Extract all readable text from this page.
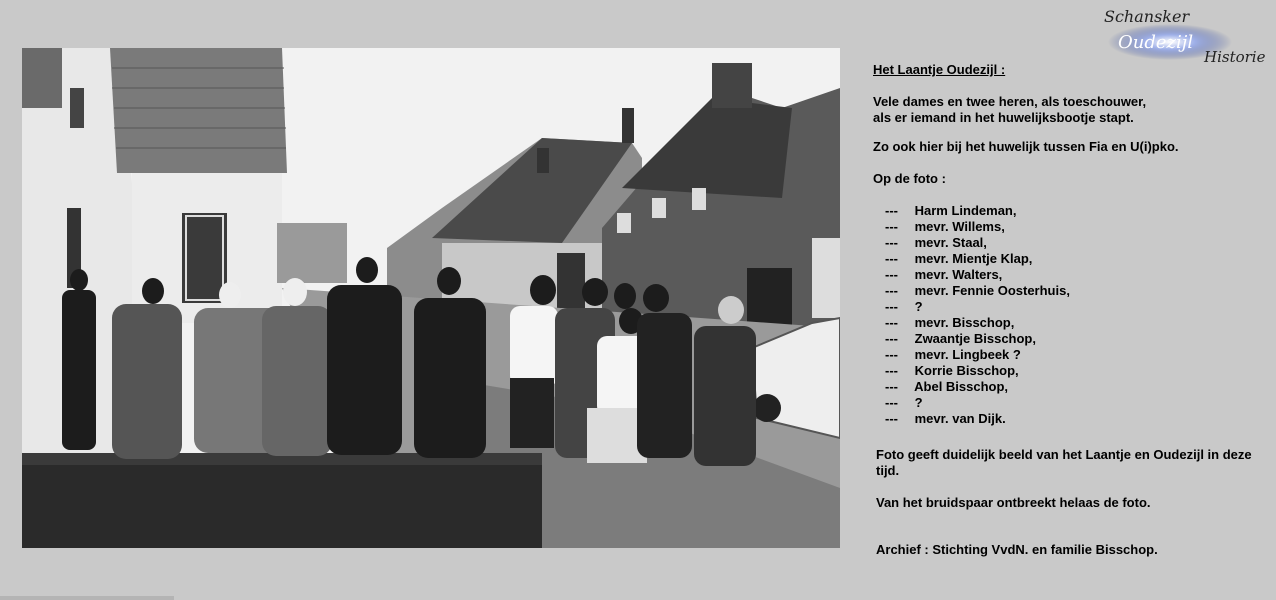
Schansker
Oudezijl
Historie

Het Laantje Oudezijl :

Vele dames en twee heren, als toeschouwer,
als er iemand in het huwelijksbootje stapt.

Zo ook hier bij het huwelijk tussen Fia en U(i)pko.

Op de foto :

--- Harm Lindeman,
--- mevr. Willems,
--- mevr. Staal,
--- mevr. Mientje Klap,
--- mevr. Walters,
--- mevr. Fennie Oosterhuis,
--- ?
--- mevr. Bisschop,
--- Zwaantje Bisschop,
--- mevr. Lingbeek ?
--- Korrie Bisschop,
--- Abel Bisschop,
--- ?
--- mevr. van Dijk.

Foto geeft duidelijk beeld van het Laantje en Oudezijl in deze tijd.

Van het bruidspaar ontbreekt helaas de foto.

Archief : Stichting VvdN. en familie Bisschop.
